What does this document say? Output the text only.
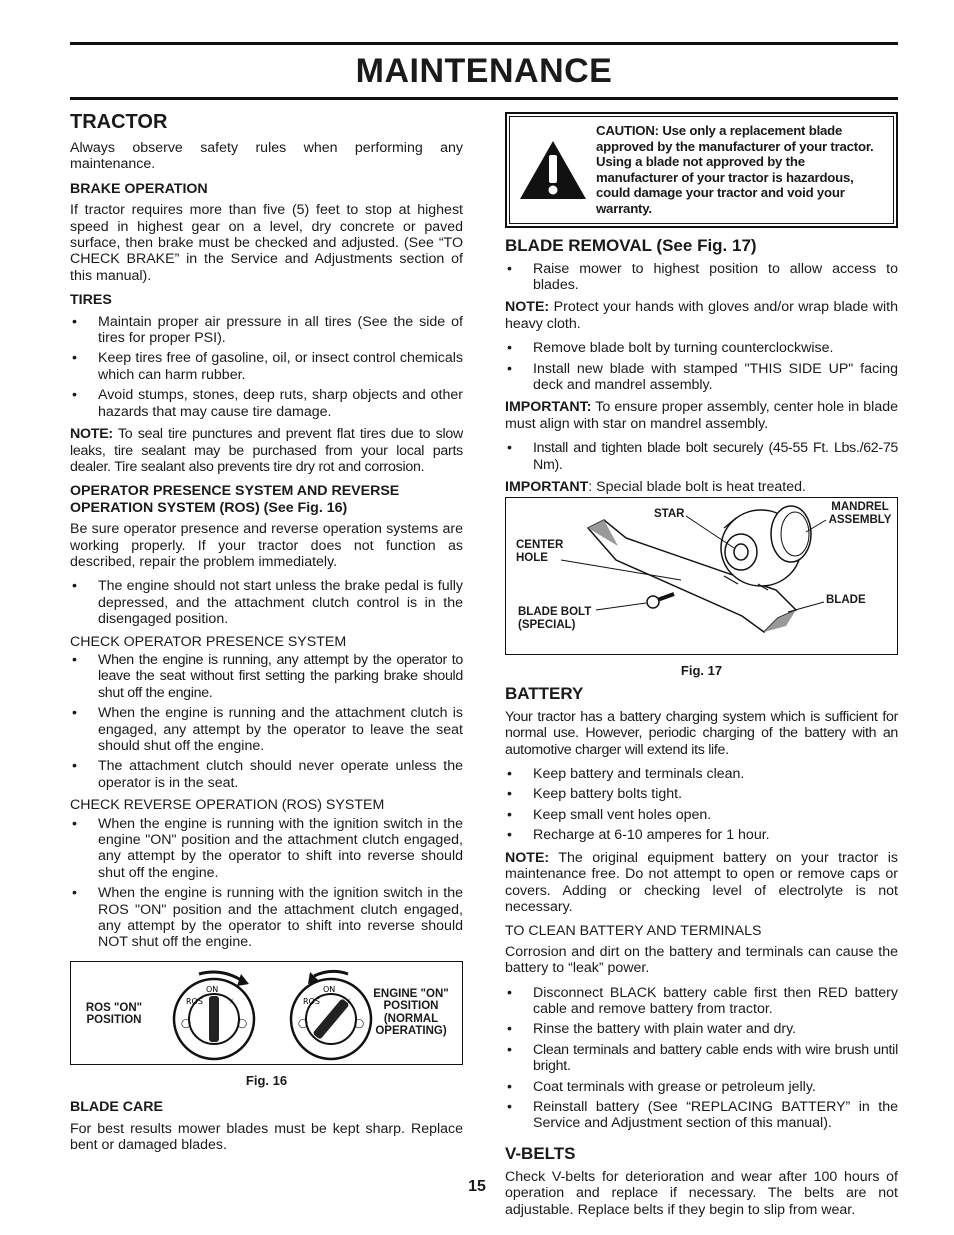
MAINTENANCE
TRACTOR

Always observe safety rules when performing any maintenance.

BRAKE OPERATION

If tractor requires more than five (5) feet to stop at highest speed in highest gear on a level, dry concrete or paved surface, then brake must be checked and adjusted. (See “TO CHECK BRAKE” in the Service and Adjustments section of this manual).

TIRES
• Maintain proper air pressure in all tires (See the side of tires for proper PSI).
• Keep tires free of gasoline, oil, or insect control chemicals which can harm rubber.
• Avoid stumps, stones, deep ruts, sharp objects and other hazards that may cause tire damage.

NOTE: To seal tire punctures and prevent flat tires due to slow leaks, tire sealant may be purchased from your local parts dealer. Tire sealant also prevents tire dry rot and corrosion.

OPERATOR PRESENCE SYSTEM AND REVERSE OPERATION SYSTEM (ROS) (See Fig. 16)

Be sure operator presence and reverse operation systems are working properly. If your tractor does not function as described, repair the problem immediately.

• The engine should not start unless the brake pedal is fully depressed, and the attachment clutch control is in the disengaged position.
CHECK OPERATOR PRESENCE SYSTEM
• When the engine is running, any attempt by the operator to leave the seat without first setting the parking brake should shut off the engine.
• When the engine is running and the attachment clutch is engaged, any attempt by the operator to leave the seat should shut off the engine.
• The attachment clutch should never operate unless the operator is in the seat.
CHECK REVERSE OPERATION (ROS) SYSTEM
• When the engine is running with the ignition switch in the engine "ON" position and the attachment clutch engaged, any attempt by the operator to shift into reverse should shut off the engine.
• When the engine is running with the ignition switch in the ROS "ON" position and the attachment clutch engaged, any attempt by the operator to shift into reverse should NOT shut off the engine.
ROS "ON" POSITION
ROS
ON
⚡
◯	◯
ROS
ON
⚡
◯	◯
ENGINE "ON" POSITION (NORMAL OPERATING)
Fig. 16
BLADE CARE

For best results mower blades must be kept sharp. Replace bent or damaged blades.

CAUTION: Use only a replacement blade approved by the manufacturer of your tractor. Using a blade not approved by the manufacturer of your tractor is hazardous, could damage your tractor and void your warranty.
BLADE REMOVAL (See Fig. 17)
• Raise mower to highest position to allow access to blades.

NOTE: Protect your hands with gloves and/or wrap blade with heavy cloth.

• Remove blade bolt by turning counterclockwise.
• Install new blade with stamped "THIS SIDE UP" facing deck and mandrel assembly.

IMPORTANT: To ensure proper assembly, center hole in blade must align with star on mandrel assembly.

• Install and tighten blade bolt securely (45-55 Ft. Lbs./62-75 Nm).

IMPORTANT: Special blade bolt is heat treated.

STAR
MANDREL ASSEMBLY
CENTER HOLE
BLADE
BLADE BOLT (SPECIAL)
Fig. 17
BATTERY

Your tractor has a battery charging system which is sufficient for normal use. However, periodic charging of the battery with an automotive charger will extend its life.

• Keep battery and terminals clean.
• Keep battery bolts tight.
• Keep small vent holes open.
• Recharge at 6-10 amperes for 1 hour.

NOTE: The original equipment battery on your tractor is maintenance free. Do not attempt to open or remove caps or covers. Adding or checking level of electrolyte is not necessary.

TO CLEAN BATTERY AND TERMINALS

Corrosion and dirt on the battery and terminals can cause the battery to “leak” power.

• Disconnect BLACK battery cable first then RED battery cable and remove battery from tractor.
• Rinse the battery with plain water and dry.
• Clean terminals and battery cable ends with wire brush until bright.
• Coat terminals with grease or petroleum jelly.
• Reinstall battery (See “REPLACING BATTERY” in the Service and Adjustment section of this manual).
V-BELTS

Check V-belts for deterioration and wear after 100 hours of operation and replace if necessary. The belts are not adjustable. Replace belts if they begin to slip from wear.

15
